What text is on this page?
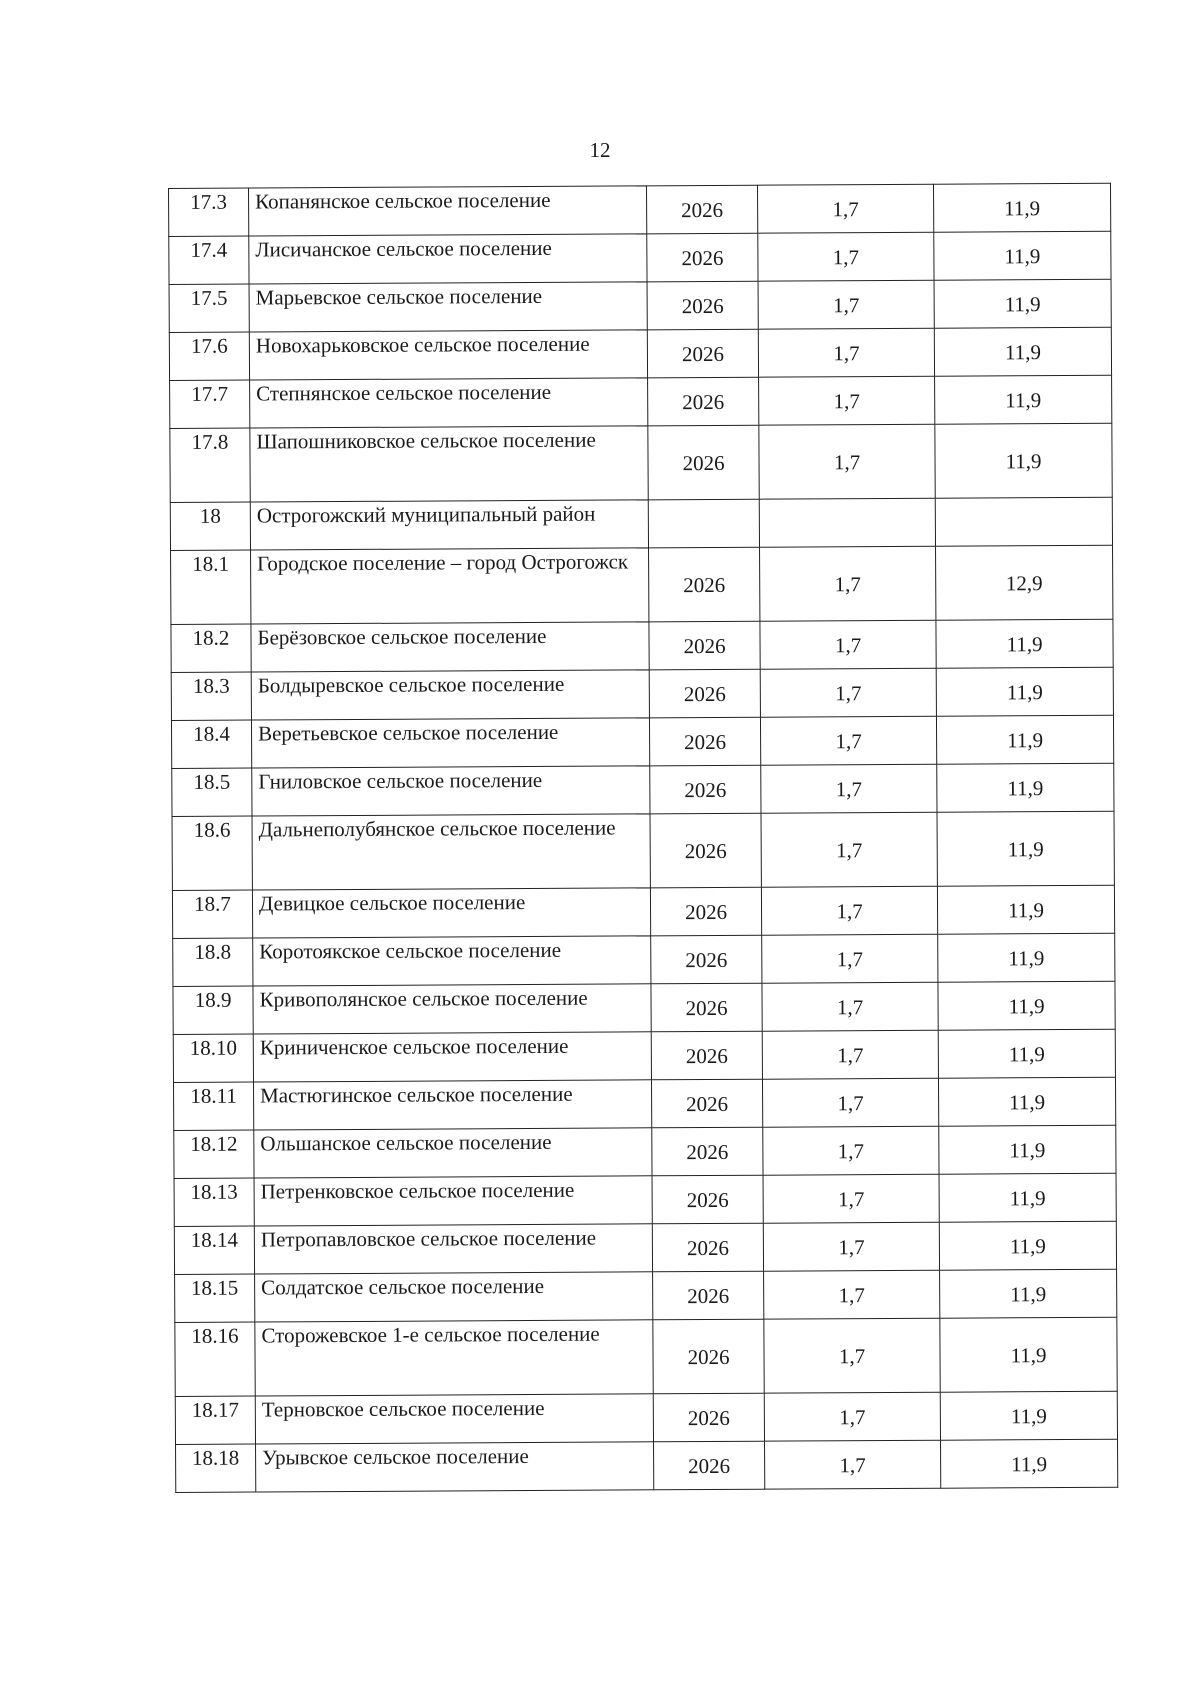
12
17.3	Копанянское сельское поселение	2026	1,7	11,9
17.4	Лисичанское сельское поселение	2026	1,7	11,9
17.5	Марьевское сельское поселение	2026	1,7	11,9
17.6	Новохарьковское сельское поселение	2026	1,7	11,9
17.7	Степнянское сельское поселение	2026	1,7	11,9
17.8	Шапошниковское сельское поселение	2026	1,7	11,9
18	Острогожский муниципальный район			
18.1	Городское поселение – город Острогожск	2026	1,7	12,9
18.2	Берёзовское сельское поселение	2026	1,7	11,9
18.3	Болдыревское сельское поселение	2026	1,7	11,9
18.4	Веретьевское сельское поселение	2026	1,7	11,9
18.5	Гниловское сельское поселение	2026	1,7	11,9
18.6	Дальнеполубянское сельское поселение	2026	1,7	11,9
18.7	Девицкое сельское поселение	2026	1,7	11,9
18.8	Коротоякское сельское поселение	2026	1,7	11,9
18.9	Кривополянское сельское поселение	2026	1,7	11,9
18.10	Криниченское сельское поселение	2026	1,7	11,9
18.11	Мастюгинское сельское поселение	2026	1,7	11,9
18.12	Ольшанское сельское поселение	2026	1,7	11,9
18.13	Петренковское сельское поселение	2026	1,7	11,9
18.14	Петропавловское сельское поселение	2026	1,7	11,9
18.15	Солдатское сельское поселение	2026	1,7	11,9
18.16	Сторожевское 1-е сельское поселение	2026	1,7	11,9
18.17	Терновское сельское поселение	2026	1,7	11,9
18.18	Урывское сельское поселение	2026	1,7	11,9
